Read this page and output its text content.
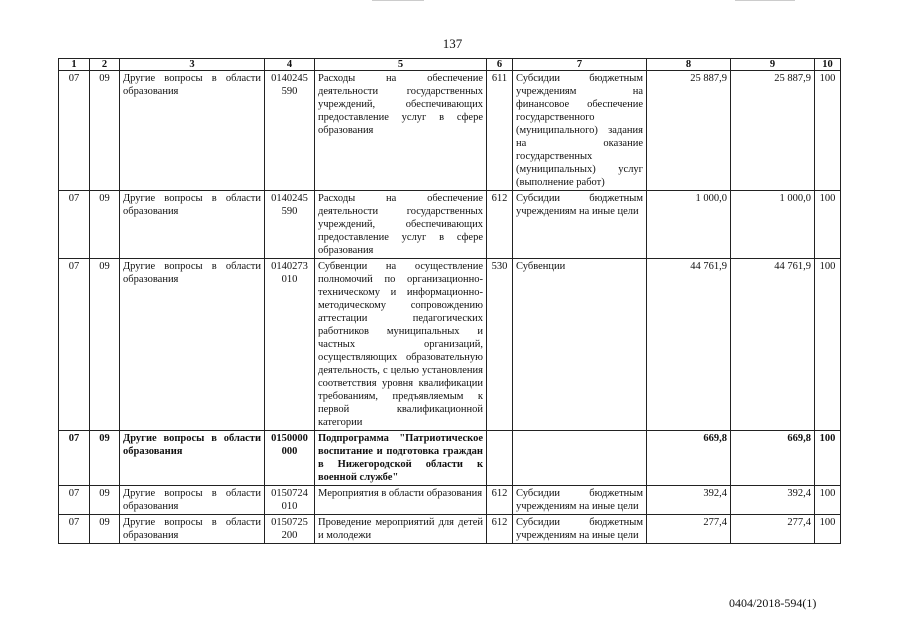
137
1	2	3	4	5	6	7	8	9	10
07	09	Другие вопросы в области образования	0140245 590	Расходы на обеспечение деятельности государственных учреждений, обеспечивающих предоставление услуг в сфере образования	611	Субсидии бюджетным учреждениям на финансовое обеспечение государственного (муниципального) задания на оказание государственных (муниципальных) услуг (выполнение работ)	25 887,9	25 887,9	100
07	09	Другие вопросы в области образования	0140245 590	Расходы на обеспечение деятельности государственных учреждений, обеспечивающих предоставление услуг в сфере образования	612	Субсидии бюджетным учреждениям на иные цели	1 000,0	1 000,0	100
07	09	Другие вопросы в области образования	0140273 010	Субвенции на осуществление полномочий по организационно-техническому и информационно-методическому сопровождению аттестации педагогических работников муниципальных и частных организаций, осуществляющих образовательную деятельность, с целью установления соответствия уровня квалификации требованиям, предъявляемым к первой квалификационной категории	530	Субвенции	44 761,9	44 761,9	100
07	09	Другие вопросы в области образования	0150000 000	Подпрограмма "Патриотическое воспитание и подготовка граждан в Нижегородской области к военной службе"			669,8	669,8	100
07	09	Другие вопросы в области образования	0150724 010	Мероприятия в области образования	612	Субсидии бюджетным учреждениям на иные цели	392,4	392,4	100
07	09	Другие вопросы в области образования	0150725 200	Проведение мероприятий для детей и молодежи	612	Субсидии бюджетным учреждениям на иные цели	277,4	277,4	100
0404/2018-594(1)
